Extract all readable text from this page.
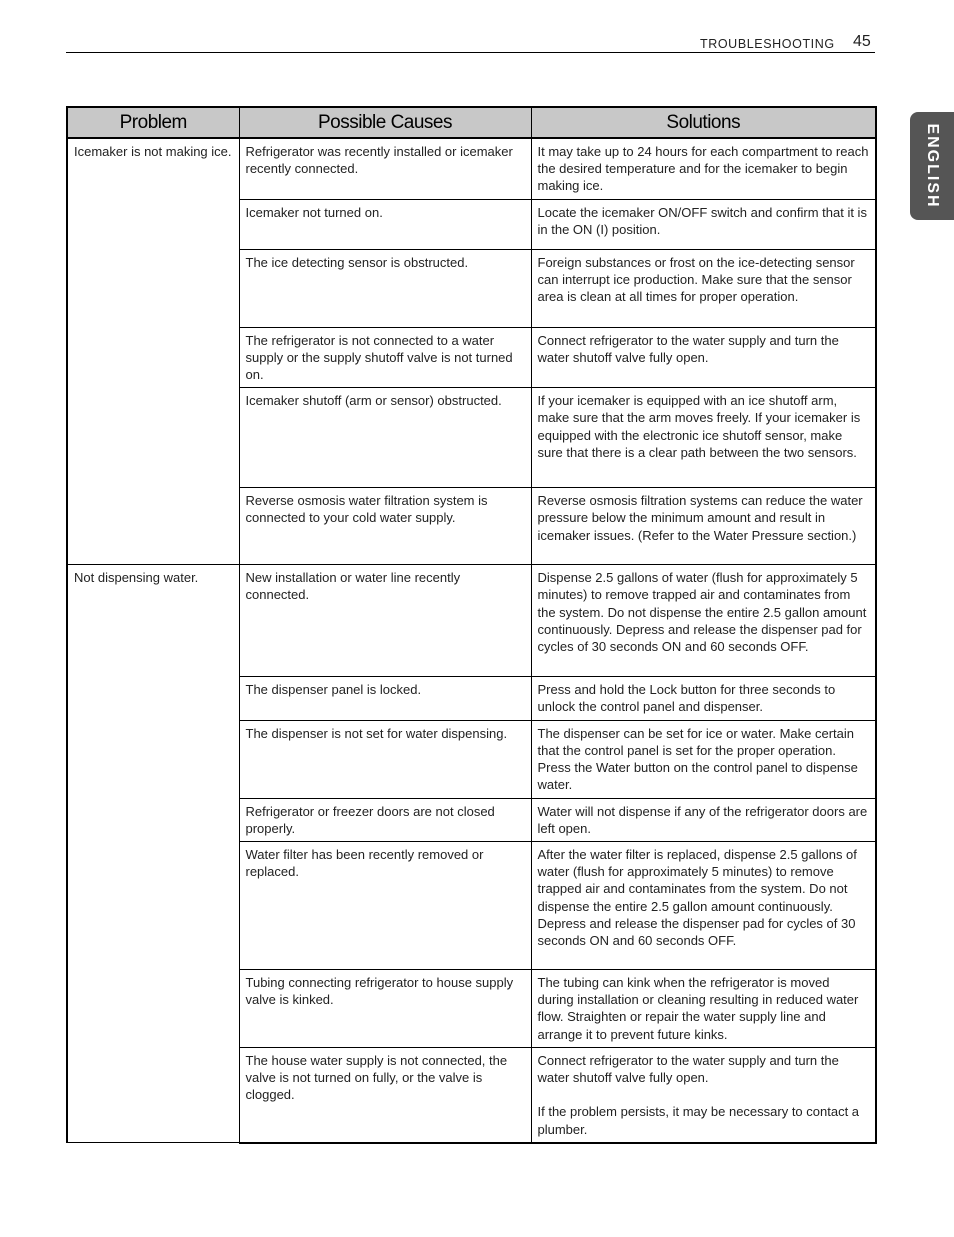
TROUBLESHOOTING 45
ENGLISH
Problem	Possible Causes	Solutions
Icemaker is not making ice.	Refrigerator was recently installed or icemaker recently connected.	It may take up to 24 hours for each compartment to reach the desired temperature and for the icemaker to begin making ice.
	Icemaker not turned on.	Locate the icemaker ON/OFF switch and confirm that it is in the ON (I) position.
	The ice detecting sensor is obstructed.	Foreign substances or frost on the ice-detecting sensor can interrupt ice production. Make sure that the sensor area is clean at all times for proper operation.
	The refrigerator is not connected to a water supply or the supply shutoff valve is not turned on.	Connect refrigerator to the water supply and turn the water shutoff valve fully open.
	Icemaker shutoff (arm or sensor) obstructed.	If your icemaker is equipped with an ice shutoff arm, make sure that the arm moves freely. If your icemaker is equipped with the electronic ice shutoff sensor, make sure that there is a clear path between the two sensors.
	Reverse osmosis water filtration system is connected to your cold water supply.	Reverse osmosis filtration systems can reduce the water pressure below the minimum amount and result in icemaker issues. (Refer to the Water Pressure section.)
Not dispensing water.	New installation or water line recently connected.	Dispense 2.5 gallons of water (flush for approximately 5 minutes) to remove trapped air and contaminates from the system. Do not dispense the entire 2.5 gallon amount continuously. Depress and release the dispenser pad for cycles of 30 seconds ON and 60 seconds OFF.
	The dispenser panel is locked.	Press and hold the Lock button for three seconds to unlock the control panel and dispenser.
	The dispenser is not set for water dispensing.	The dispenser can be set for ice or water. Make certain that the control panel is set for the proper operation. Press the Water button on the control panel to dispense water.
	Refrigerator or freezer doors are not closed properly.	Water will not dispense if any of the refrigerator doors are left open.
	Water filter has been recently removed or replaced.	After the water filter is replaced, dispense 2.5 gallons of water (flush for approximately 5 minutes) to remove trapped air and contaminates from the system. Do not dispense the entire 2.5 gallon amount continuously. Depress and release the dispenser pad for cycles of 30 seconds ON and 60 seconds OFF.
	Tubing connecting refrigerator to house supply valve is kinked.	The tubing can kink when the refrigerator is moved during installation or cleaning resulting in reduced water flow. Straighten or repair the water supply line and arrange it to prevent future kinks.
	The house water supply is not connected, the valve is not turned on fully, or the valve is clogged.	Connect refrigerator to the water supply and turn the water shutoff valve fully open.
If the problem persists, it may be necessary to contact a plumber.
